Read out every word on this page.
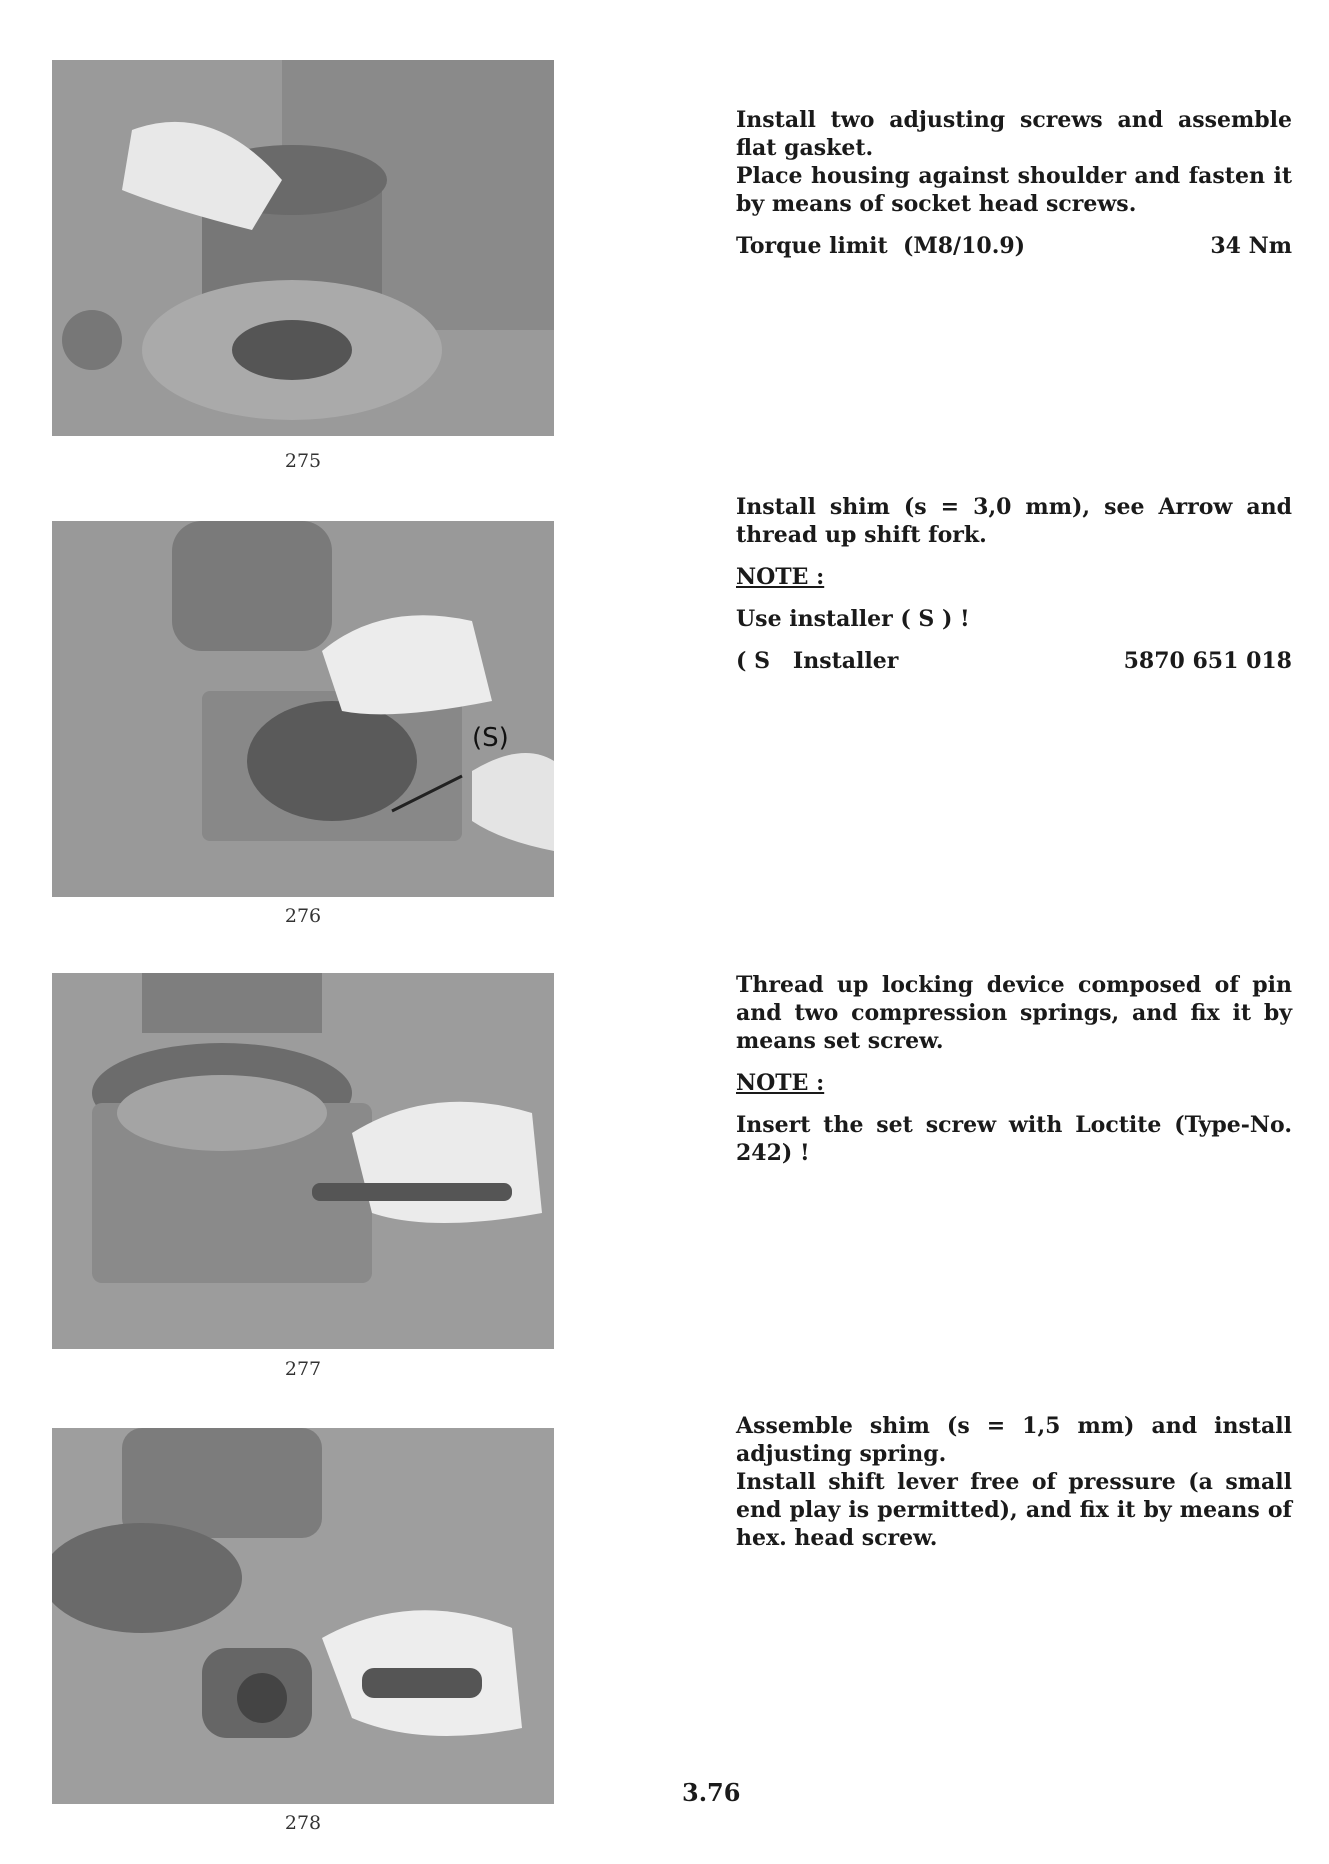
275
(S)
276
277
278

Install two adjusting screws and assemble flat gasket.

Place housing against shoulder and fasten it by means of socket head screws.

Torque limit  (M8/10.9)	34 Nm

Install shim (s = 3,0 mm), see Arrow and thread up shift fork.

NOTE :

Use installer ( S ) !

( S   Installer	5870 651 018

Thread up locking device composed of pin and two compression springs, and fix it by means set screw.

NOTE :

Insert the set screw with Loctite (Type-No. 242) !

Assemble shim (s = 1,5 mm) and install adjusting spring.

Install shift lever free of pressure (a small end play is permitted), and fix it by means of hex. head screw.

3.76
